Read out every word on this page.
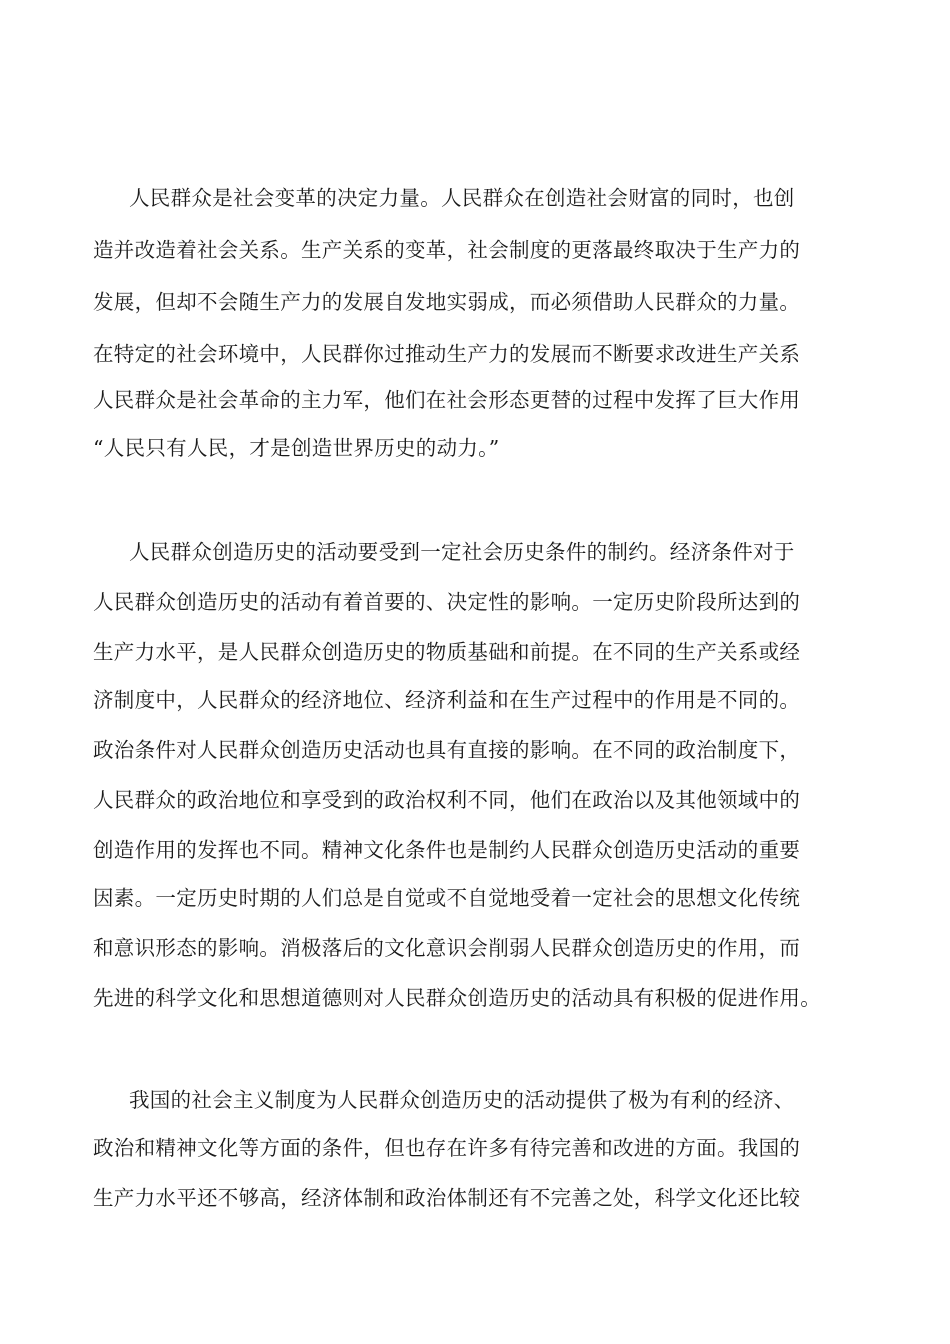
人民群众是社会变革的决定力量。人民群众在创造社会财富的同时，也创
造并改造着社会关系。生产关系的变革，社会制度的更落最终取决于生产力的
发展，但却不会随生产力的发展自发地实弱成，而必须借助人民群众的力量。
在特定的社会环境中，人民群你过推动生产力的发展而不断要求改进生产关系
人民群众是社会革命的主力军，他们在社会形态更替的过程中发挥了巨大作用
“人民只有人民，才是创造世界历史的动力。”
人民群众创造历史的活动要受到一定社会历史条件的制约。经济条件对于
人民群众创造历史的活动有着首要的、决定性的影响。一定历史阶段所达到的
生产力水平，是人民群众创造历史的物质基础和前提。在不同的生产关系或经
济制度中，人民群众的经济地位、经济利益和在生产过程中的作用是不同的。
政治条件对人民群众创造历史活动也具有直接的影响。在不同的政治制度下，
人民群众的政治地位和享受到的政治权利不同，他们在政治以及其他领域中的
创造作用的发挥也不同。精神文化条件也是制约人民群众创造历史活动的重要
因素。一定历史时期的人们总是自觉或不自觉地受着一定社会的思想文化传统
和意识形态的影响。消极落后的文化意识会削弱人民群众创造历史的作用，而
先进的科学文化和思想道德则对人民群众创造历史的活动具有积极的促进作用。
我国的社会主义制度为人民群众创造历史的活动提供了极为有利的经济、
政治和精神文化等方面的条件，但也存在许多有待完善和改进的方面。我国的
生产力水平还不够高，经济体制和政治体制还有不完善之处，科学文化还比较
